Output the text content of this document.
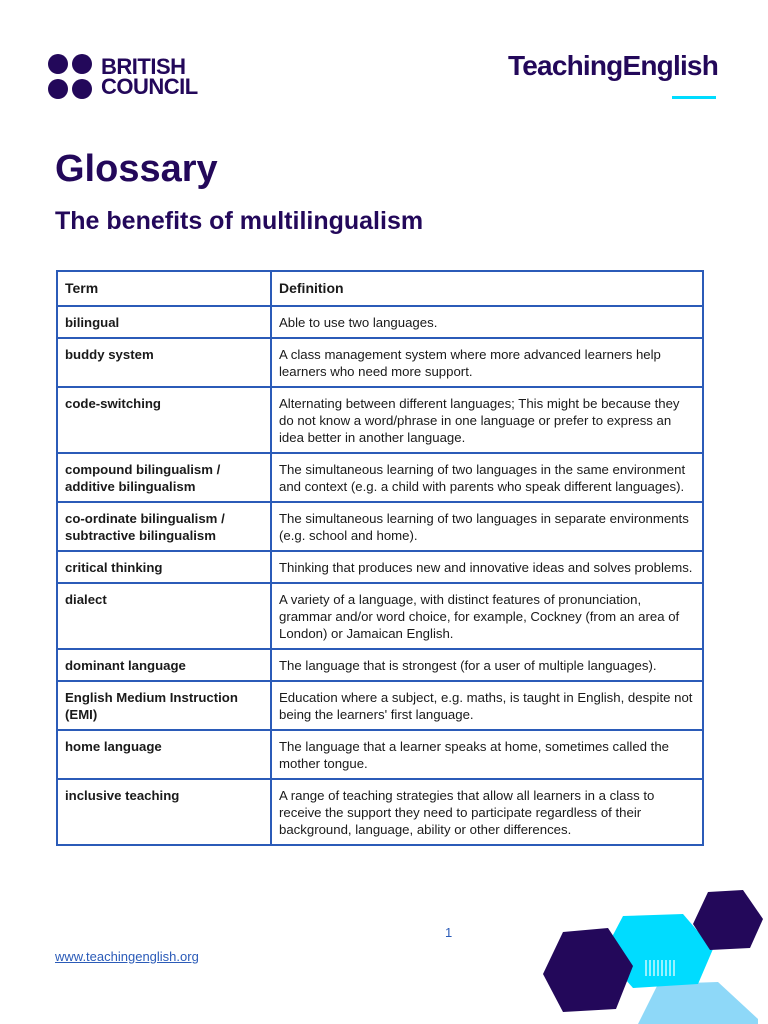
BRITISH
COUNCIL
TeachingEnglish
Glossary
The benefits of multilingualism
Term	Definition
bilingual	Able to use two languages.
buddy system	A class management system where more advanced learners help learners who need more support.
code-switching	Alternating between different languages; This might be because they do not know a word/phrase in one language or prefer to express an idea better in another language.
compound bilingualism / additive bilingualism	The simultaneous learning of two languages in the same environment and context (e.g. a child with parents who speak different languages).
co-ordinate bilingualism / subtractive bilingualism	The simultaneous learning of two languages in separate environments (e.g. school and home).
critical thinking	Thinking that produces new and innovative ideas and solves problems.
dialect	A variety of a language, with distinct features of pronunciation, grammar and/or word choice, for example, Cockney (from an area of London) or Jamaican English.
dominant language	The language that is strongest (for a user of multiple languages).
English Medium Instruction (EMI)	Education where a subject, e.g. maths, is taught in English, despite not being the learners' first language.
home language	The language that a learner speaks at home, sometimes called the mother tongue.
inclusive teaching	A range of teaching strategies that allow all learners in a class to receive the support they need to participate regardless of their background, language, ability or other differences.
1
www.teachingenglish.org
